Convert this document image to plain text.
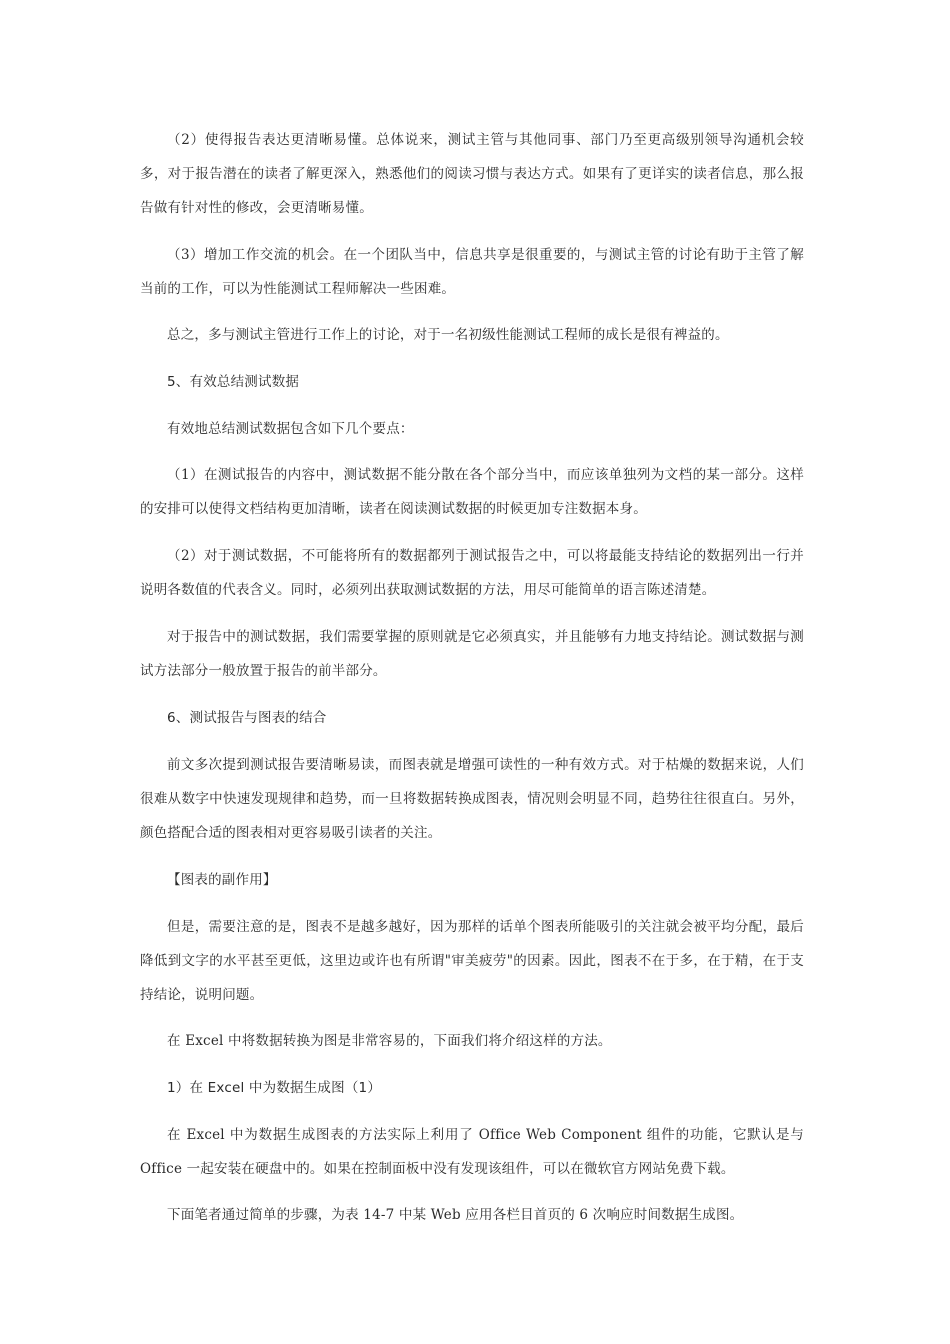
（2）使得报告表达更清晰易懂。总体说来，测试主管与其他同事、部门乃至更高级别领导沟通机会较多，对于报告潜在的读者了解更深入，熟悉他们的阅读习惯与表达方式。如果有了更详实的读者信息，那么报告做有针对性的修改，会更清晰易懂。

（3）增加工作交流的机会。在一个团队当中，信息共享是很重要的，与测试主管的讨论有助于主管了解当前的工作，可以为性能测试工程师解决一些困难。

总之，多与测试主管进行工作上的讨论，对于一名初级性能测试工程师的成长是很有裨益的。

5、有效总结测试数据

有效地总结测试数据包含如下几个要点：

（1）在测试报告的内容中，测试数据不能分散在各个部分当中，而应该单独列为文档的某一部分。这样的安排可以使得文档结构更加清晰，读者在阅读测试数据的时候更加专注数据本身。

（2）对于测试数据，不可能将所有的数据都列于测试报告之中，可以将最能支持结论的数据列出一行并说明各数值的代表含义。同时，必须列出获取测试数据的方法，用尽可能简单的语言陈述清楚。

对于报告中的测试数据，我们需要掌握的原则就是它必须真实，并且能够有力地支持结论。测试数据与测试方法部分一般放置于报告的前半部分。

6、测试报告与图表的结合

前文多次提到测试报告要清晰易读，而图表就是增强可读性的一种有效方式。对于枯燥的数据来说，人们很难从数字中快速发现规律和趋势，而一旦将数据转换成图表，情况则会明显不同，趋势往往很直白。另外，颜色搭配合适的图表相对更容易吸引读者的关注。

【图表的副作用】

但是，需要注意的是，图表不是越多越好，因为那样的话单个图表所能吸引的关注就会被平均分配，最后降低到文字的水平甚至更低，这里边或许也有所谓"审美疲劳"的因素。因此，图表不在于多，在于精，在于支持结论，说明问题。

在 Excel 中将数据转换为图是非常容易的，下面我们将介绍这样的方法。

1）在 Excel 中为数据生成图（1）

在 Excel 中为数据生成图表的方法实际上利用了 Office Web Component 组件的功能，它默认是与 Office 一起安装在硬盘中的。如果在控制面板中没有发现该组件，可以在微软官方网站免费下载。

下面笔者通过简单的步骤，为表 14-7 中某 Web 应用各栏目首页的 6 次响应时间数据生成图。
